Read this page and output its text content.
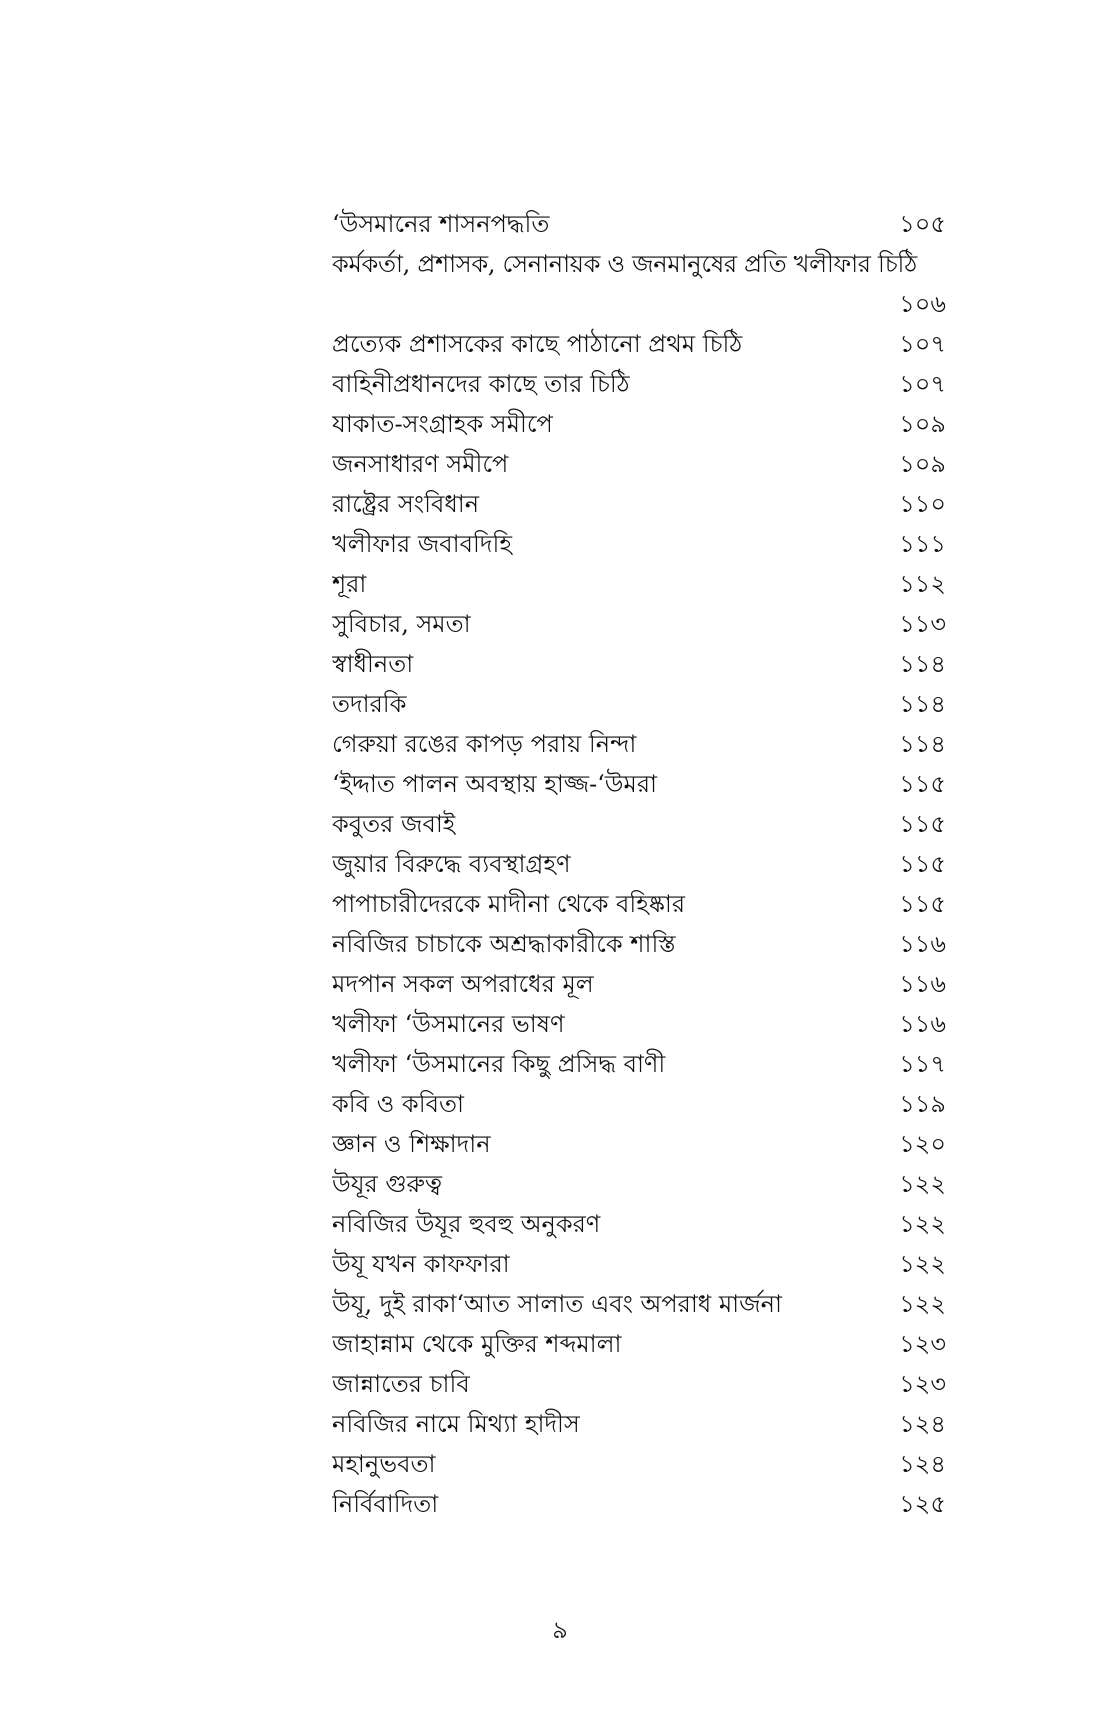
‘উসমানের শাসনপদ্ধতি	১০৫
কর্মকর্তা, প্রশাসক, সেনানায়ক ও জনমানুষের প্রতি খলীফার চিঠি
১০৬
প্রত্যেক প্রশাসকের কাছে পাঠানো প্রথম চিঠি	১০৭
বাহিনীপ্রধানদের কাছে তার চিঠি	১০৭
যাকাত-সংগ্রাহক সমীপে	১০৯
জনসাধারণ সমীপে	১০৯
রাষ্ট্রের সংবিধান	১১০
খলীফার জবাবদিহি	১১১
শূরা	১১২
সুবিচার, সমতা	১১৩
স্বাধীনতা	১১৪
তদারকি	১১৪
গেরুয়া রঙের কাপড় পরায় নিন্দা	১১৪
‘ইদ্দাত পালন অবস্থায় হাজ্জ-‘উমরা	১১৫
কবুতর জবাই	১১৫
জুয়ার বিরুদ্ধে ব্যবস্থাগ্রহণ	১১৫
পাপাচারীদেরকে মাদীনা থেকে বহিষ্কার	১১৫
নবিজির চাচাকে অশ্রদ্ধাকারীকে শাস্তি	১১৬
মদপান সকল অপরাধের মূল	১১৬
খলীফা ‘উসমানের ভাষণ	১১৬
খলীফা ‘উসমানের কিছু প্রসিদ্ধ বাণী	১১৭
কবি ও কবিতা	১১৯
জ্ঞান ও শিক্ষাদান	১২০
উযূর গুরুত্ব	১২২
নবিজির উযূর হুবহু অনুকরণ	১২২
উযূ যখন কাফফারা	১২২
উযূ, দুই রাকা‘আত সালাত এবং অপরাধ মার্জনা	১২২
জাহান্নাম থেকে মুক্তির শব্দমালা	১২৩
জান্নাতের চাবি	১২৩
নবিজির নামে মিথ্যা হাদীস	১২৪
মহানুভবতা	১২৪
নির্বিবাদিতা	১২৫
৯
